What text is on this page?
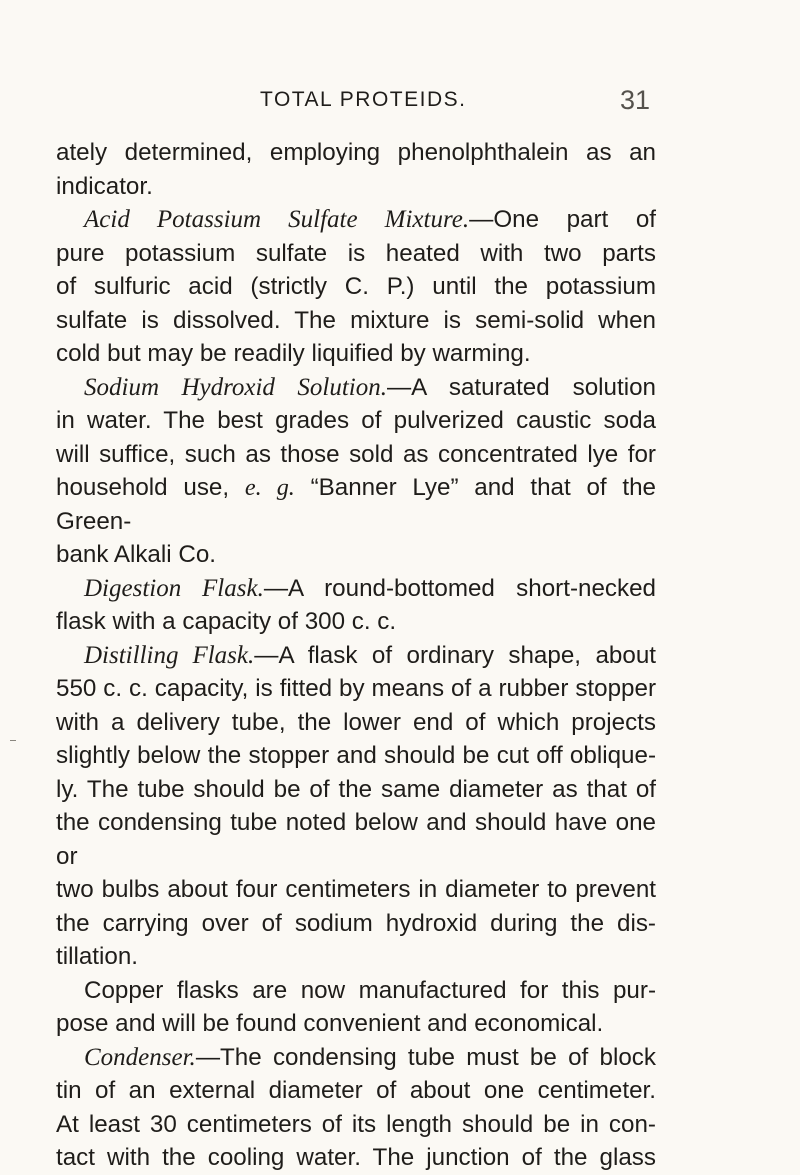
TOTAL PROTEIDS.	31

ately determined, employing phenolphthalein as an

indicator.

Acid Potassium Sulfate Mixture.—One part of

pure potassium sulfate is heated with two parts

of sulfuric acid (strictly C. P.) until the potassium

sulfate is dissolved. The mixture is semi-solid when

cold but may be readily liquified by warming.

Sodium Hydroxid Solution.—A saturated solution

in water. The best grades of pulverized caustic soda

will suffice, such as those sold as concentrated lye for

household use, e. g. “Banner Lye” and that of the Green-

bank Alkali Co.

Digestion Flask.—A round-bottomed short-necked

flask with a capacity of 300 c. c.

Distilling Flask.—A flask of ordinary shape, about

550 c. c. capacity, is fitted by means of a rubber stopper

with a delivery tube, the lower end of which projects

slightly below the stopper and should be cut off oblique-

ly. The tube should be of the same diameter as that of

the condensing tube noted below and should have one or

two bulbs about four centimeters in diameter to prevent

the carrying over of sodium hydroxid during the dis-

tillation.

Copper flasks are now manufactured for this pur-

pose and will be found convenient and economical.

Condenser.—The condensing tube must be of block

tin of an external diameter of about one centimeter.

At least 30 centimeters of its length should be in con-

tact with the cooling water. The junction of the glass
